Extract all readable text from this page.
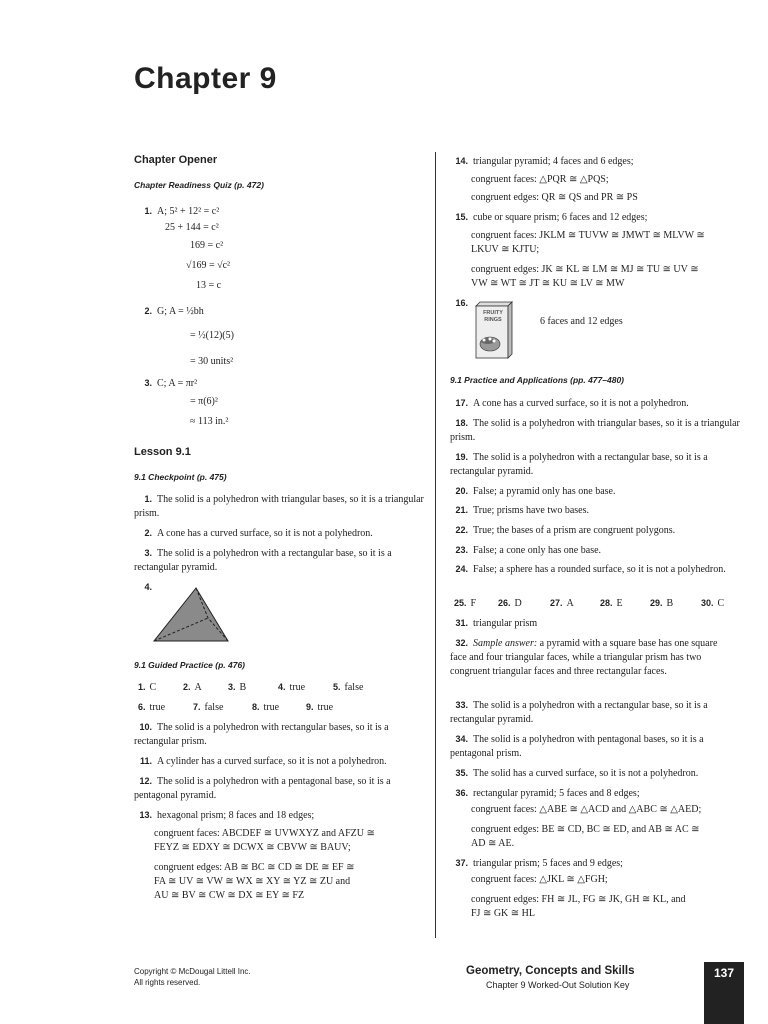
Chapter 9
Chapter Opener
Chapter Readiness Quiz (p. 472)
1. A; 5² + 12² = c²
25 + 144 = c²
169 = c²
√169 = √c²
13 = c
2. G; A = ½bh
= ½(12)(5)
= 30 units²
3. C; A = πr²
= π(6)²
≈ 113 in.²
Lesson 9.1
9.1 Checkpoint (p. 475)
1. The solid is a polyhedron with triangular bases, so it is a triangular prism.
2. A cone has a curved surface, so it is not a polyhedron.
3. The solid is a polyhedron with a rectangular base, so it is a rectangular pyramid.
4.
9.1 Guided Practice (p. 476)
1. C	2. A	3. B	4. true	5. false
6. true	7. false	8. true	9. true
10. The solid is a polyhedron with rectangular bases, so it is a rectangular prism.
11. A cylinder has a curved surface, so it is not a polyhedron.
12. The solid is a polyhedron with a pentagonal base, so it is a pentagonal pyramid.
13. hexagonal prism; 8 faces and 18 edges;
congruent faces: ABCDEF ≅ UVWXYZ and AFZU ≅
FEYZ ≅ EDXY ≅ DCWX ≅ CBVW ≅ BAUV;
congruent edges: AB ≅ BC ≅ CD ≅ DE ≅ EF ≅
FA ≅ UV ≅ VW ≅ WX ≅ XY ≅ YZ ≅ ZU and
AU ≅ BV ≅ CW ≅ DX ≅ EY ≅ FZ
14. triangular pyramid; 4 faces and 6 edges;
congruent faces: △PQR ≅ △PQS;
congruent edges: QR ≅ QS and PR ≅ PS
15. cube or square prism; 6 faces and 12 edges;
congruent faces: JKLM ≅ TUVW ≅ JMWT ≅ MLVW ≅
LKUV ≅ KJTU;
congruent edges: JK ≅ KL ≅ LM ≅ MJ ≅ TU ≅ UV ≅
VW ≅ WT ≅ JT ≅ KU ≅ LV ≅ MW
16.
FRUITY RINGS	6 faces and 12 edges
9.1 Practice and Applications (pp. 477–480)
17. A cone has a curved surface, so it is not a polyhedron.
18. The solid is a polyhedron with triangular bases, so it is a triangular prism.
19. The solid is a polyhedron with a rectangular base, so it is a rectangular pyramid.
20. False; a pyramid only has one base.
21. True; prisms have two bases.
22. True; the bases of a prism are congruent polygons.
23. False; a cone only has one base.
24. False; a sphere has a rounded surface, so it is not a polyhedron.
25. F 26. D	27. A	28. E	29. B	30. C
31. triangular prism
32. Sample answer: a pyramid with a square base has one square face and four triangular faces, while a triangular prism has two congruent triangular faces and three rectangular faces.
33. The solid is a polyhedron with a rectangular base, so it is a rectangular pyramid.
34. The solid is a polyhedron with pentagonal bases, so it is a pentagonal prism.
35. The solid has a curved surface, so it is not a polyhedron.
36. rectangular pyramid; 5 faces and 8 edges;
congruent faces: △ABE ≅ △ACD and △ABC ≅ △AED;
congruent edges: BE ≅ CD, BC ≅ ED, and AB ≅ AC ≅
AD ≅ AE.
37. triangular prism; 5 faces and 9 edges;
congruent faces: △JKL ≅ △FGH;
congruent edges: FH ≅ JL, FG ≅ JK, GH ≅ KL, and
FJ ≅ GK ≅ HL
Copyright © McDougal Littell Inc.
All rights reserved.
Geometry, Concepts and Skills
Chapter 9 Worked-Out Solution Key
137
